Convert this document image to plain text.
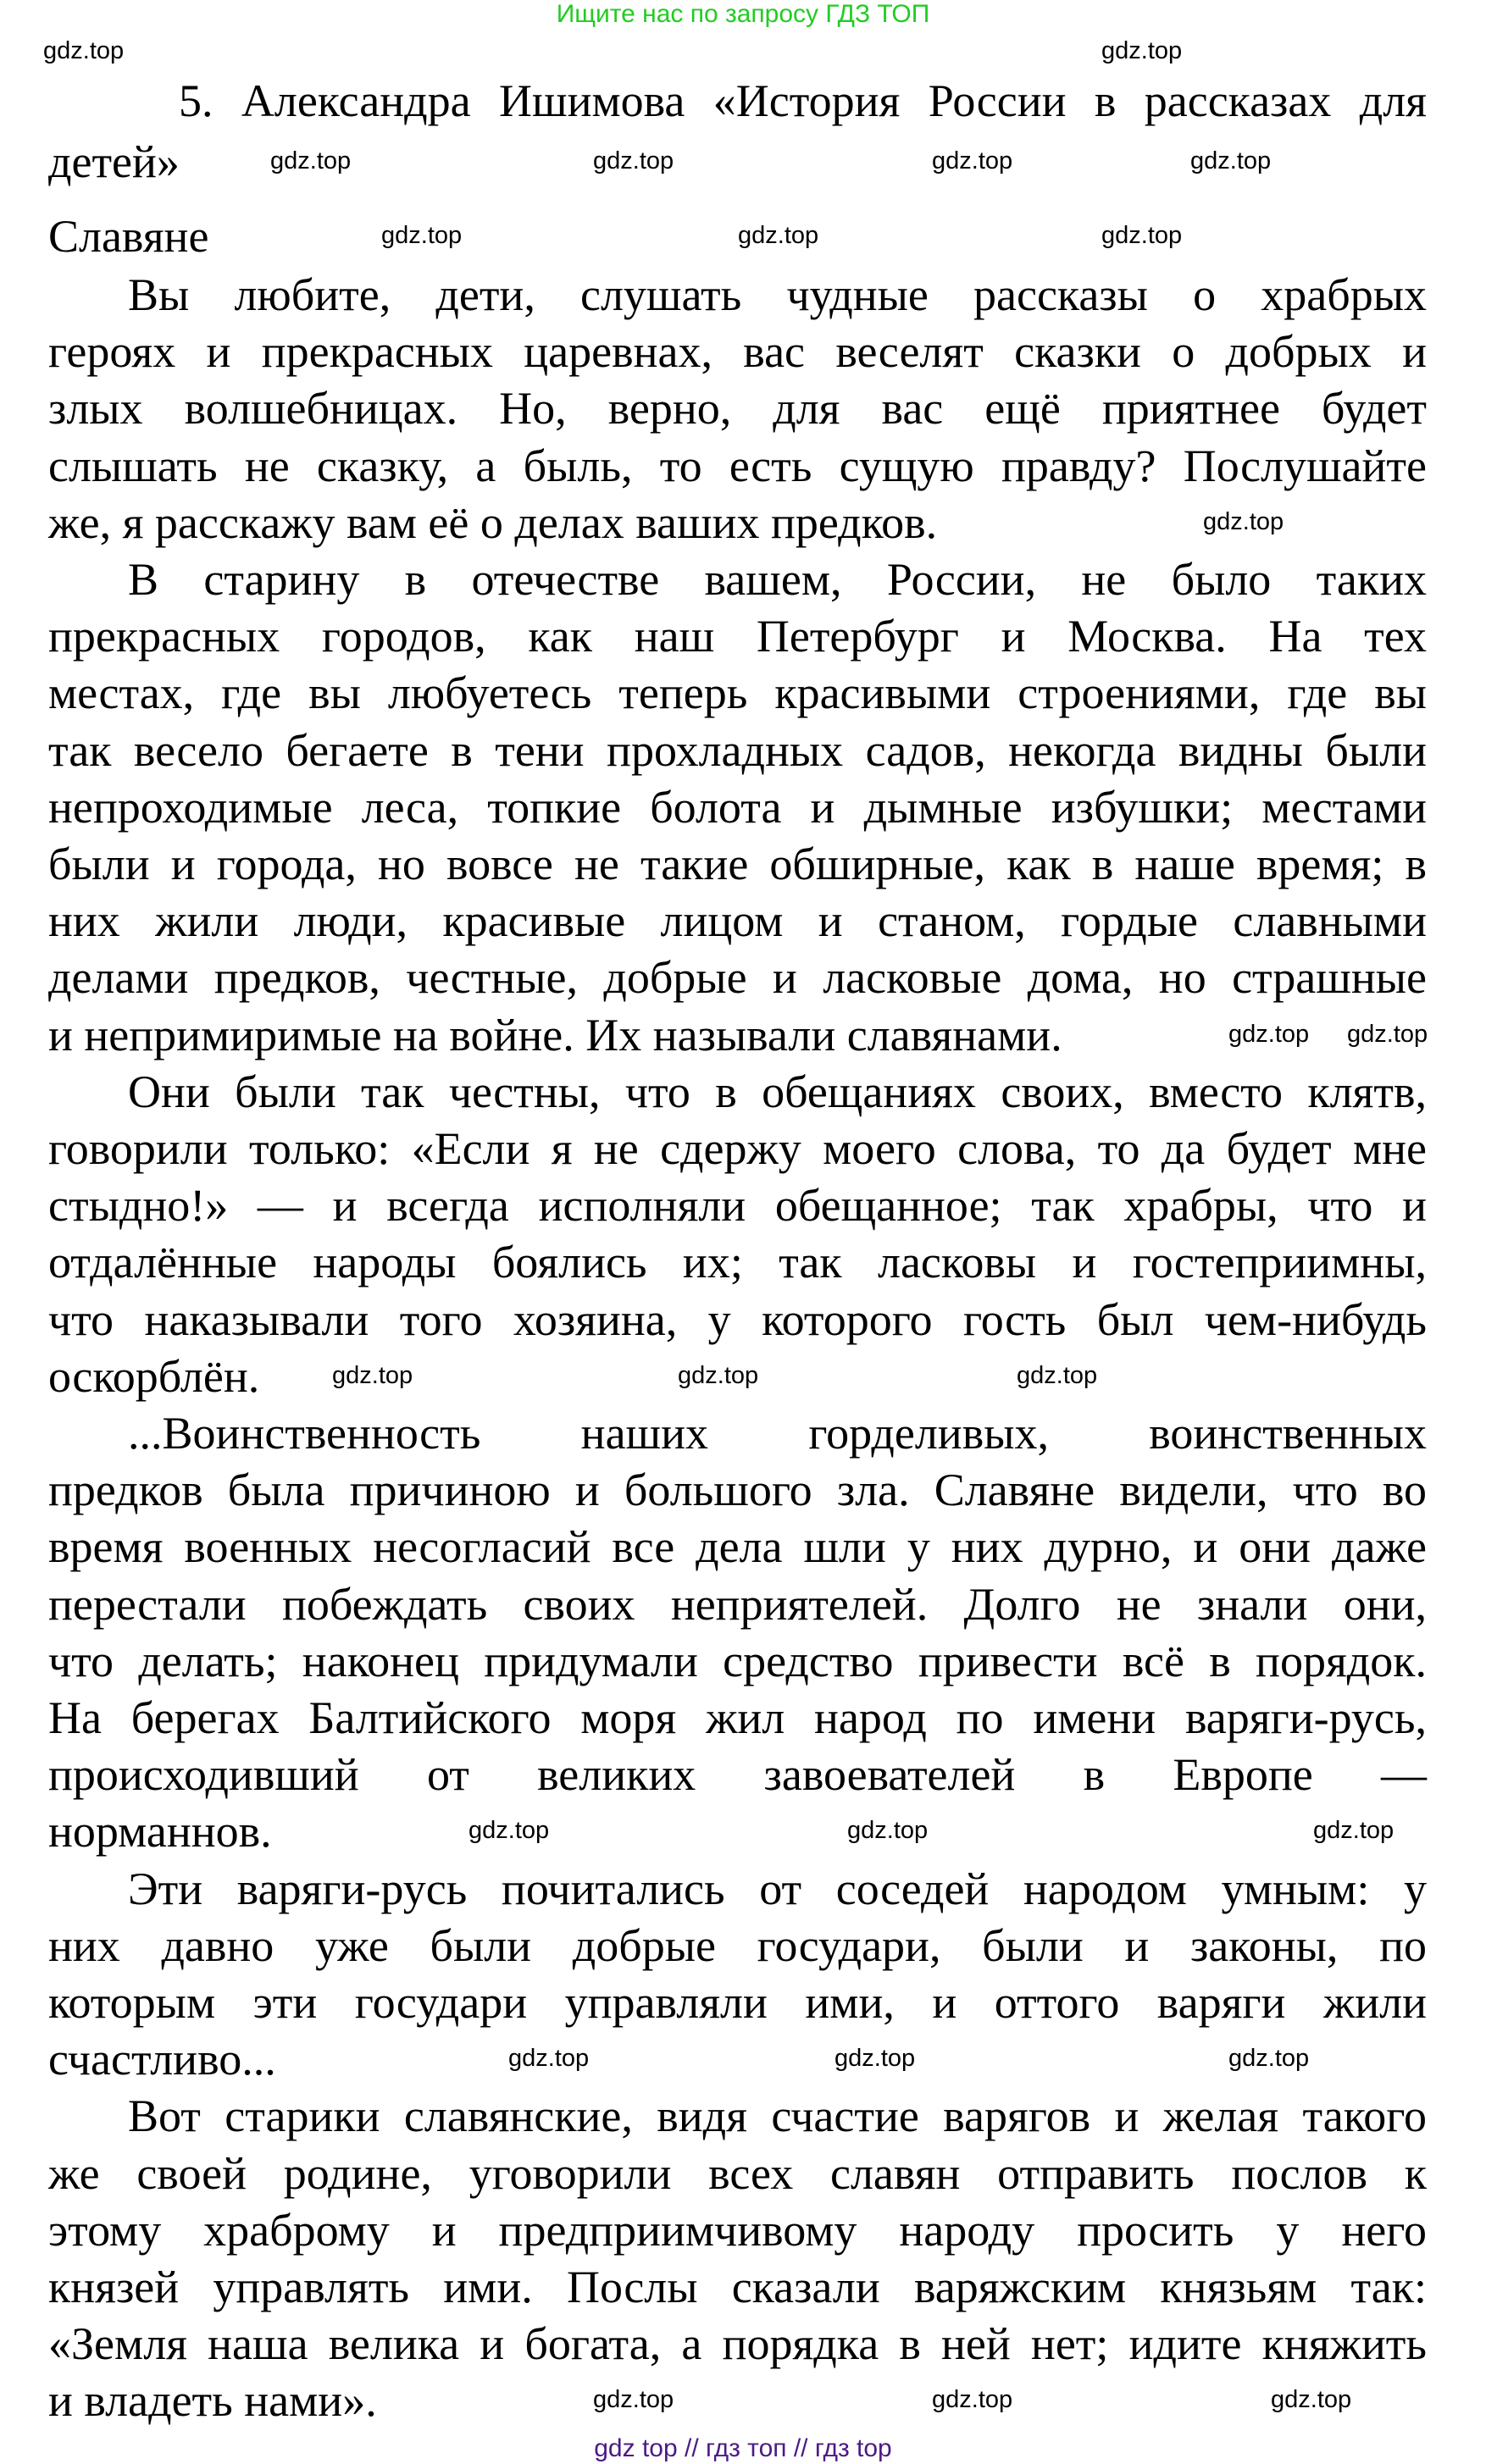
Ищите нас по запросу ГДЗ ТОП
5. Александра Ишимова «История России в рассказах для
детей»
Славяне
Вы любите, дети, слушать чудные рассказы о храбрых
героях и прекрасных царевнах, вас веселят сказки о добрых и
злых волшебницах. Но, верно, для вас ещё приятнее будет
слышать не сказку, а быль, то есть сущую правду? Послушайте
же, я расскажу вам её о делах ваших предков.
В старину в отечестве вашем, России, не было таких
прекрасных городов, как наш Петербург и Москва. На тех
местах, где вы любуетесь теперь красивыми строениями, где вы
так весело бегаете в тени прохладных садов, некогда видны были
непроходимые леса, топкие болота и дымные избушки; местами
были и города, но вовсе не такие обширные, как в наше время; в
них жили люди, красивые лицом и станом, гордые славными
делами предков, честные, добрые и ласковые дома, но страшные
и непримиримые на войне. Их называли славянами.
Они были так честны, что в обещаниях своих, вместо клятв,
говорили только: «Если я не сдержу моего слова, то да будет мне
стыдно!» — и всегда исполняли обещанное; так храбры, что и
отдалённые народы боялись их; так ласковы и гостеприимны,
что наказывали того хозяина, у которого гость был чем-нибудь
оскорблён.
...Воинственность наших горделивых, воинственных
предков была причиною и большого зла. Славяне видели, что во
время военных несогласий все дела шли у них дурно, и они даже
перестали побеждать своих неприятелей. Долго не знали они,
что делать; наконец придумали средство привести всё в порядок.
На берегах Балтийского моря жил народ по имени варяги-русь,
происходивший от великих завоевателей в Европе —
норманнов.
Эти варяги-русь почитались от соседей народом умным: у
них давно уже были добрые государи, были и законы, по
которым эти государи управляли ими, и оттого варяги жили
счастливо...
Вот старики славянские, видя счастие варягов и желая такого
же своей родине, уговорили всех славян отправить послов к
этому храброму и предприимчивому народу просить у него
князей управлять ими. Послы сказали варяжским князьям так:
«Земля наша велика и богата, а порядка в ней нет; идите княжить
и владеть нами».
gdz.top	gdz.top
gdz.top	gdz.top	gdz.top	gdz.top
gdz.top	gdz.top	gdz.top
gdz.top
gdz.top gdz.top
gdz.top	gdz.top	gdz.top
gdz.top	gdz.top	gdz.top
gdz.top	gdz.top	gdz.top
gdz.top	gdz.top	gdz.top
gdz top // гдз топ // гдз top
